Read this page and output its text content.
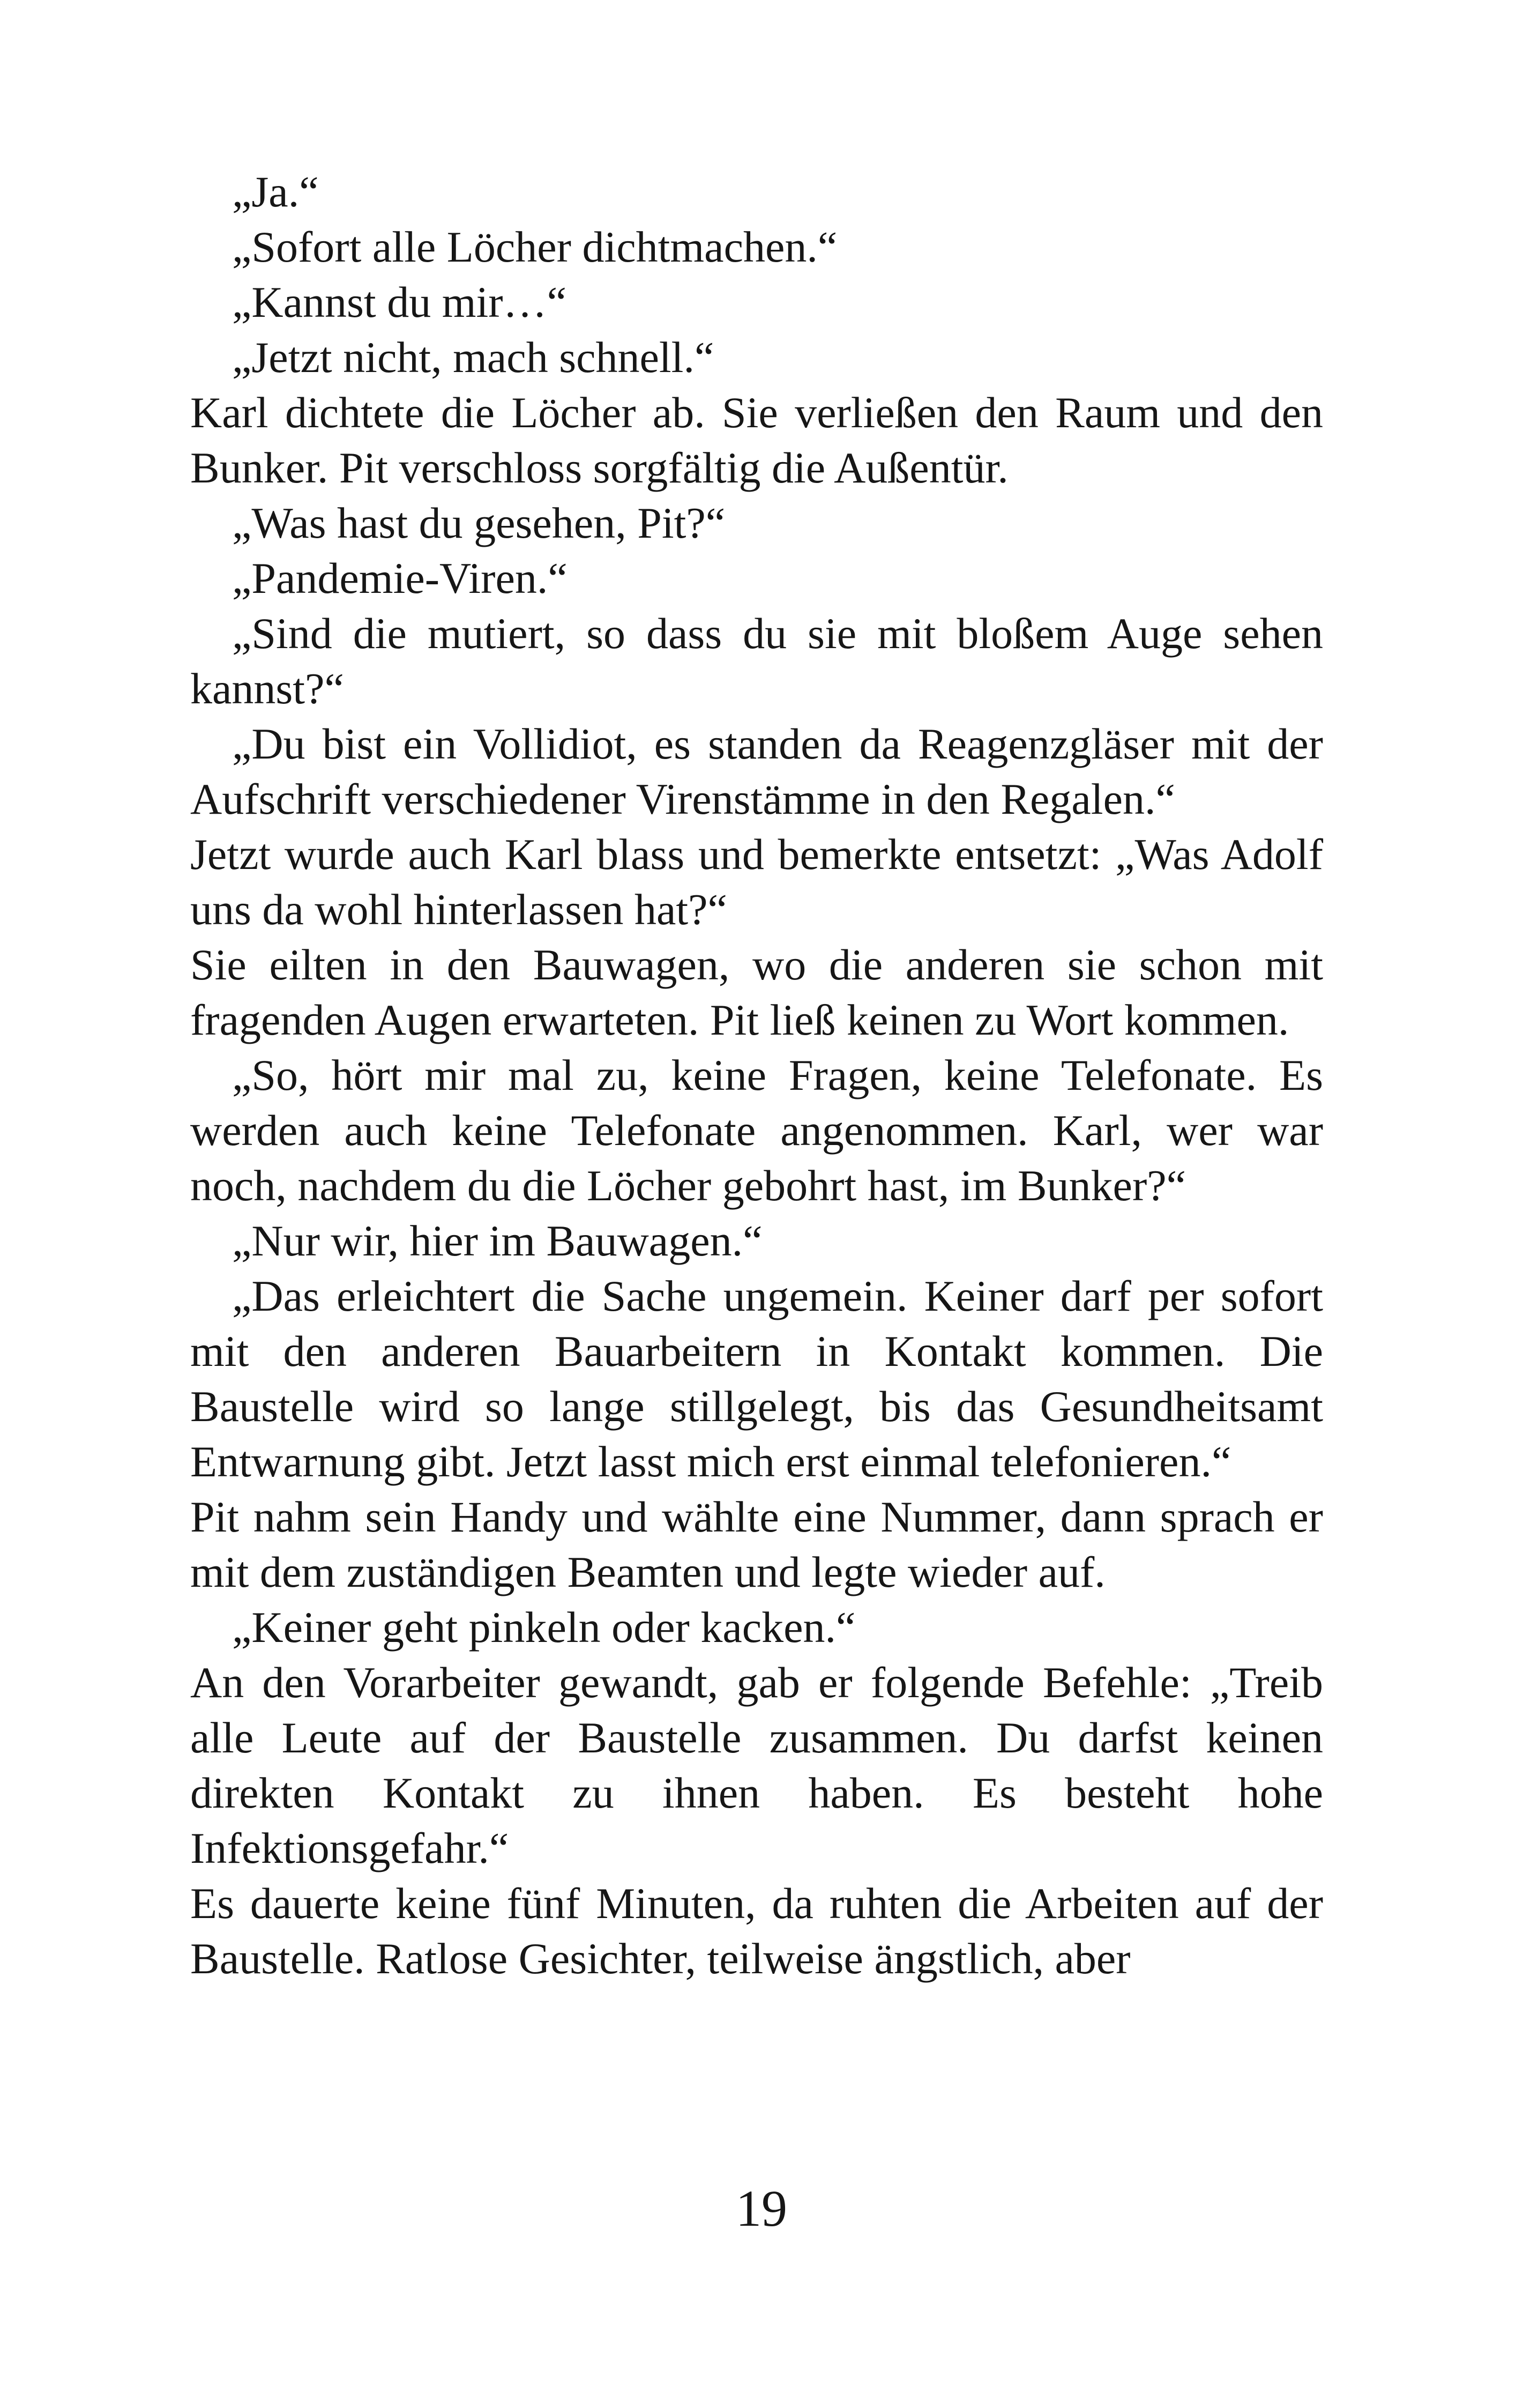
„Ja.“

„Sofort alle Löcher dichtmachen.“

„Kannst du mir…“

„Jetzt nicht, mach schnell.“

Karl dichtete die Löcher ab. Sie verließen den Raum und den Bunker. Pit verschloss sorgfältig die Außentür.

„Was hast du gesehen, Pit?“

„Pandemie-Viren.“

„Sind die mutiert, so dass du sie mit bloßem Auge sehen kannst?“

„Du bist ein Vollidiot, es standen da Reagenzgläser mit der Aufschrift verschiedener Virenstämme in den Regalen.“

Jetzt wurde auch Karl blass und bemerkte entsetzt: „Was Adolf uns da wohl hinterlassen hat?“

Sie eilten in den Bauwagen, wo die anderen sie schon mit fragenden Augen erwarteten. Pit ließ keinen zu Wort kommen.

„So, hört mir mal zu, keine Fragen, keine Telefonate. Es werden auch keine Telefonate angenommen. Karl, wer war noch, nachdem du die Löcher gebohrt hast, im Bunker?“

„Nur wir, hier im Bauwagen.“

„Das erleichtert die Sache ungemein. Keiner darf per sofort mit den anderen Bauarbeitern in Kontakt kommen. Die Baustelle wird so lange stillgelegt, bis das Gesundheitsamt Entwarnung gibt. Jetzt lasst mich erst einmal telefonieren.“

Pit nahm sein Handy und wählte eine Nummer, dann sprach er mit dem zuständigen Beamten und legte wieder auf.

„Keiner geht pinkeln oder kacken.“

An den Vorarbeiter gewandt, gab er folgende Befehle: „Treib alle Leute auf der Baustelle zusammen. Du darfst keinen direkten Kontakt zu ihnen haben. Es besteht hohe Infektionsgefahr.“

Es dauerte keine fünf Minuten, da ruhten die Arbeiten auf der Baustelle. Ratlose Gesichter, teilweise ängstlich, aber

19
